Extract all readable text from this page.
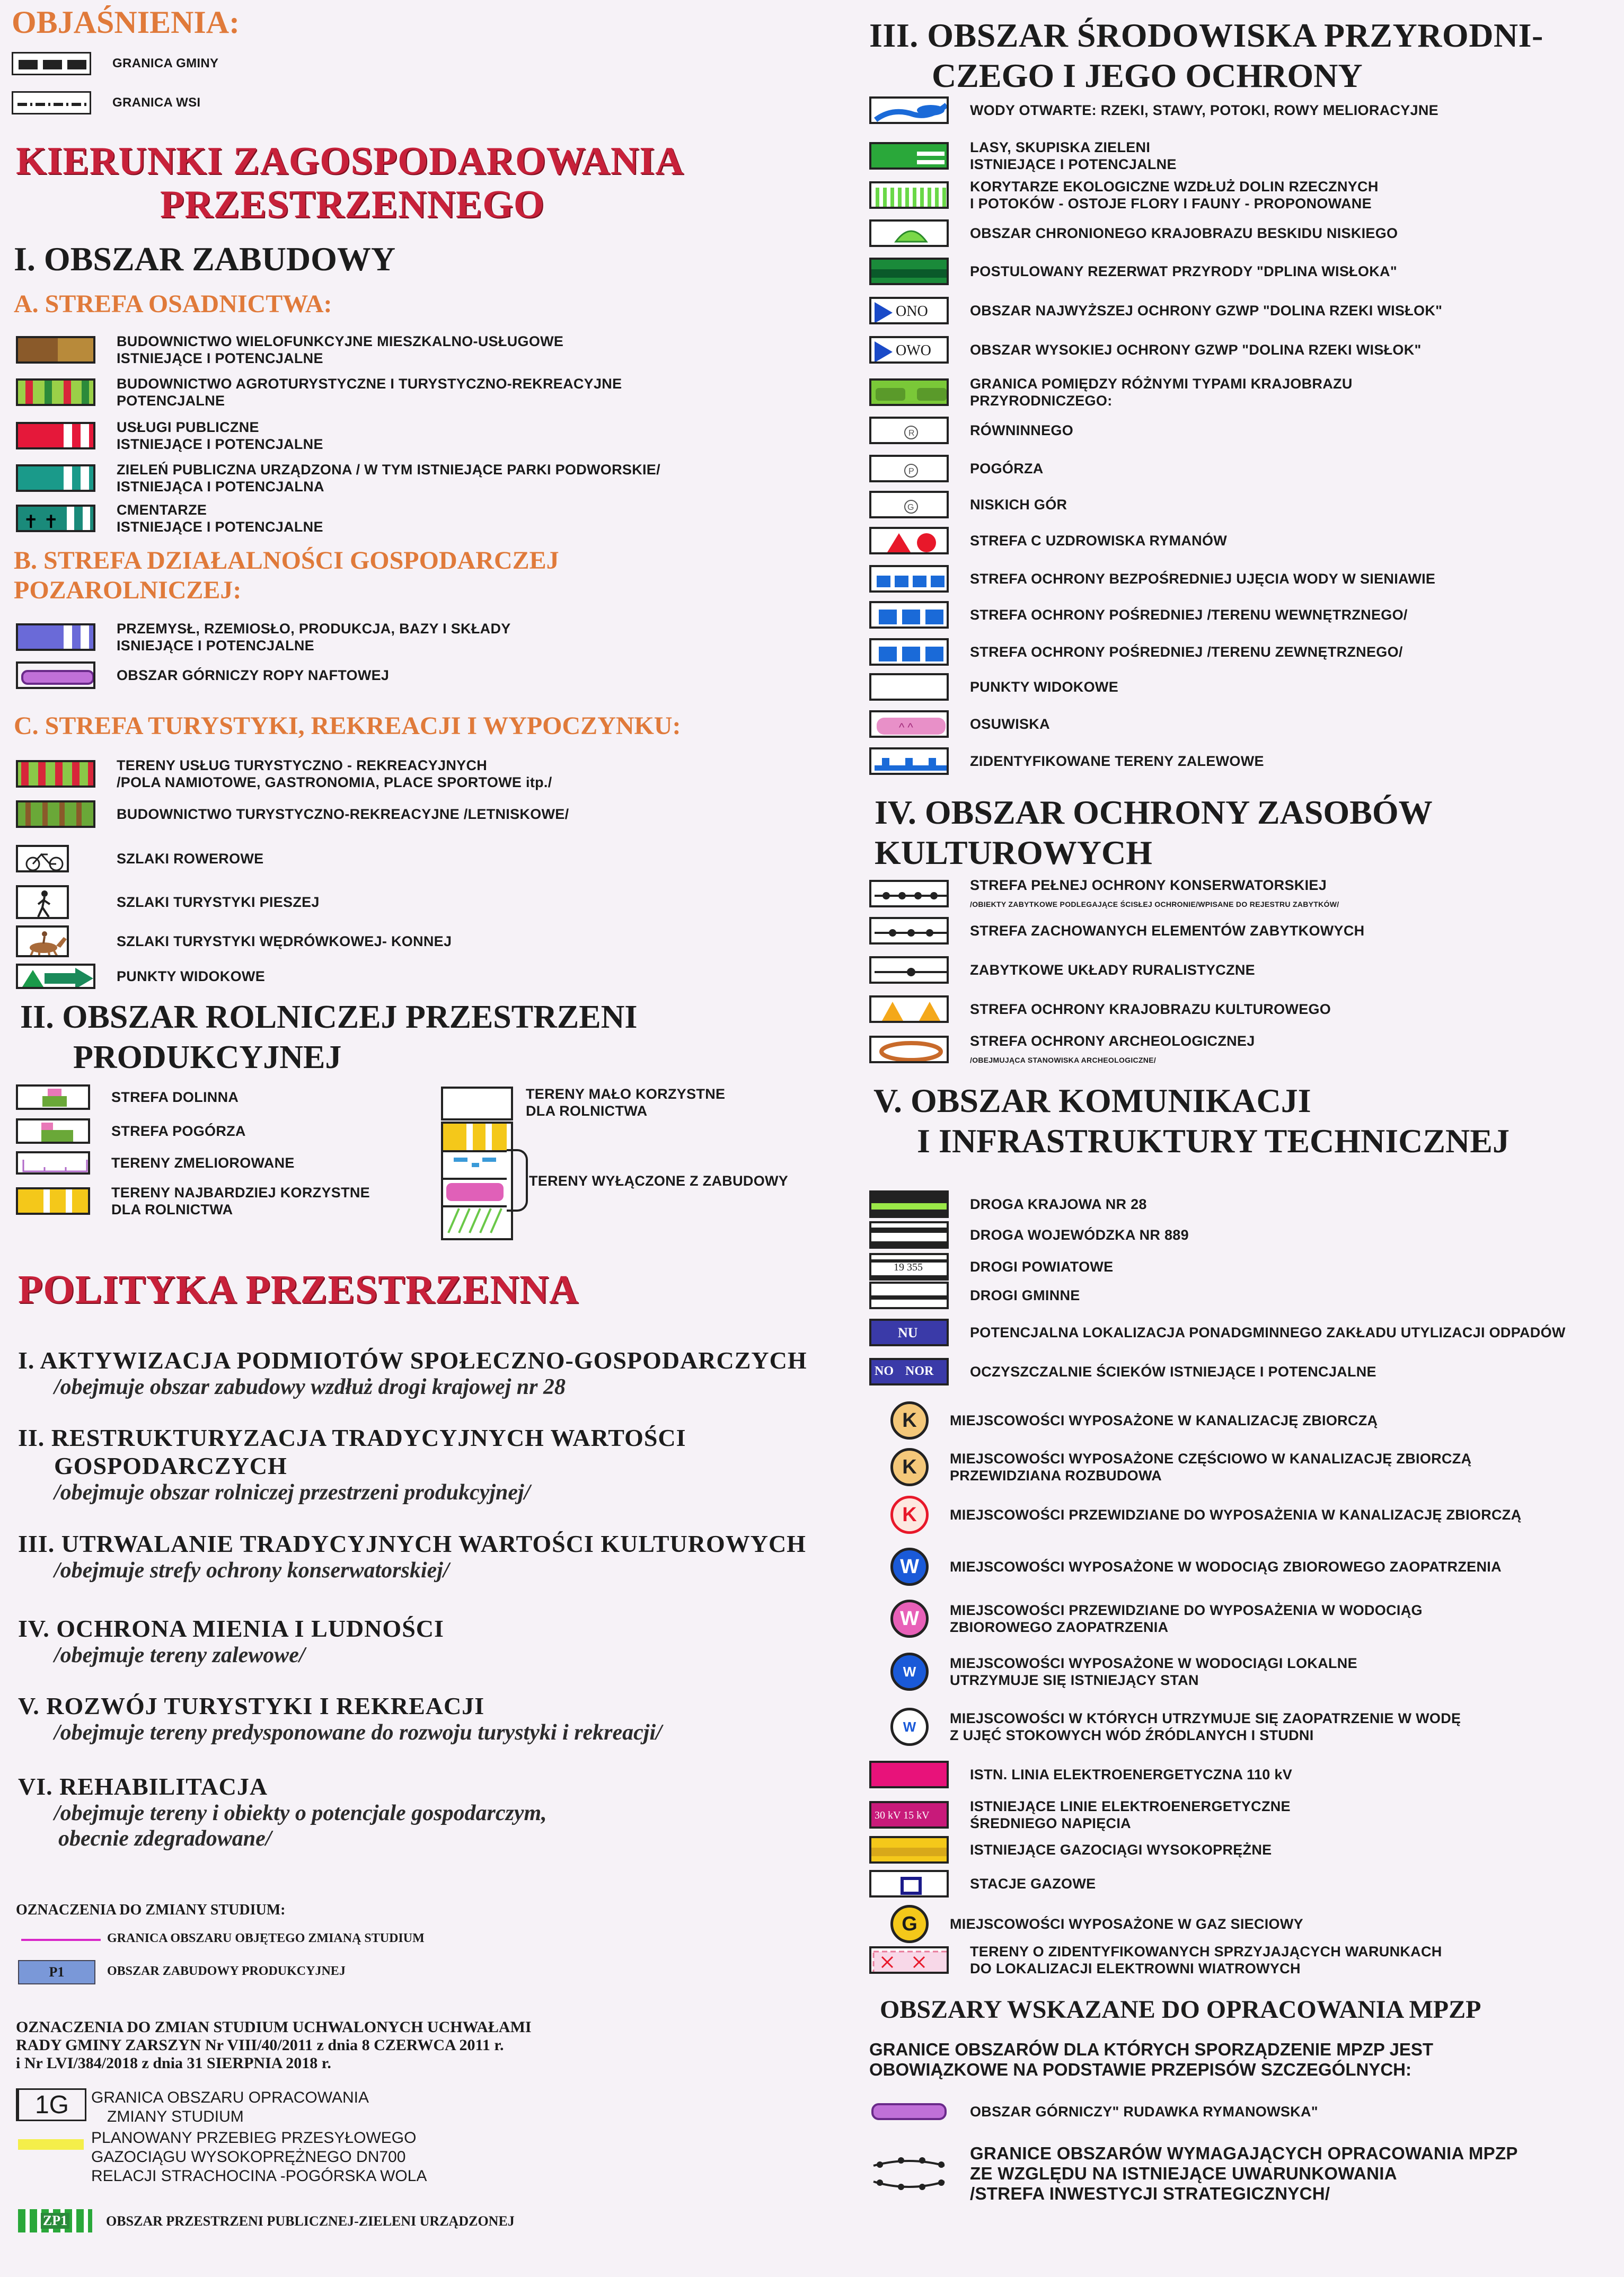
OBJAŚNIENIA:
GRANICA GMINY
GRANICA WSI
KIERUNKI ZAGOSPODAROWANIA
PRZESTRZENNEGO
I. OBSZAR ZABUDOWY
A. STREFA OSADNICTWA:
BUDOWNICTWO WIELOFUNKCYJNE MIESZKALNO-USŁUGOWE
ISTNIEJĄCE I POTENCJALNE
BUDOWNICTWO AGROTURYSTYCZNE I TURYSTYCZNO-REKREACYJNE
POTENCJALNE
USŁUGI PUBLICZNE
ISTNIEJĄCE I POTENCJALNE
ZIELEŃ PUBLICZNA URZĄDZONA / W TYM ISTNIEJĄCE PARKI PODWORSKIE/
ISTNIEJĄCA I POTENCJALNA
✝ ✝
CMENTARZE
ISTNIEJĄCE I POTENCJALNE
B. STREFA DZIAŁALNOŚCI GOSPODARCZEJ
POZAROLNICZEJ:
PRZEMYSŁ, RZEMIOSŁO, PRODUKCJA, BAZY I SKŁADY
ISNIEJĄCE I POTENCJALNE
OBSZAR GÓRNICZY ROPY NAFTOWEJ
C. STREFA TURYSTYKI, REKREACJI I WYPOCZYNKU:
TERENY USŁUG TURYSTYCZNO - REKREACYJNYCH
/POLA NAMIOTOWE, GASTRONOMIA, PLACE SPORTOWE itp./
BUDOWNICTWO TURYSTYCZNO-REKREACYJNE /LETNISKOWE/
SZLAKI ROWEROWE
SZLAKI TURYSTYKI PIESZEJ
SZLAKI TURYSTYKI WĘDRÓWKOWEJ- KONNEJ
PUNKTY WIDOKOWE
II. OBSZAR ROLNICZEJ PRZESTRZENI
PRODUKCYJNEJ
STREFA DOLINNA
STREFA POGÓRZA
TERENY ZMELIOROWANE
TERENY NAJBARDZIEJ KORZYSTNE
DLA ROLNICTWA
TERENY MAŁO KORZYSTNE
DLA ROLNICTWA
TERENY WYŁĄCZONE Z ZABUDOWY
POLITYKA PRZESTRZENNA
I. AKTYWIZACJA PODMIOTÓW SPOŁECZNO-GOSPODARCZYCH
/obejmuje obszar zabudowy wzdłuż drogi krajowej nr 28
II. RESTRUKTURYZACJA TRADYCYJNYCH WARTOŚCI
GOSPODARCZYCH
/obejmuje obszar rolniczej przestrzeni produkcyjnej/
III. UTRWALANIE TRADYCYJNYCH WARTOŚCI KULTUROWYCH
/obejmuje strefy ochrony konserwatorskiej/
IV. OCHRONA MIENIA I LUDNOŚCI
/obejmuje tereny zalewowe/
V. ROZWÓJ TURYSTYKI I REKREACJI
/obejmuje tereny predysponowane do rozwoju turystyki i rekreacji/
VI. REHABILITACJA
/obejmuje tereny i obiekty o potencjale gospodarczym,
obecnie zdegradowane/
OZNACZENIA DO ZMIANY STUDIUM:
GRANICA OBSZARU OBJĘTEGO ZMIANĄ STUDIUM
P1	OBSZAR ZABUDOWY PRODUKCYJNEJ
OZNACZENIA DO ZMIAN STUDIUM UCHWALONYCH UCHWAŁAMI
RADY GMINY ZARSZYN Nr VIII/40/2011 z dnia 8 CZERWCA 2011 r.
i Nr LVI/384/2018 z dnia 31 SIERPNIA 2018 r.
1G	GRANICA OBSZARU OPRACOWANIA
ZMIANY STUDIUM
PLANOWANY PRZEBIEG PRZESYŁOWEGO
GAZOCIĄGU WYSOKOPRĘŻNEGO DN700
RELACJI STRACHOCINA -POGÓRSKA WOLA
ZP1	OBSZAR PRZESTRZENI PUBLICZNEJ-ZIELENI URZĄDZONEJ
III. OBSZAR ŚRODOWISKA PRZYRODNI-
CZEGO I JEGO OCHRONY
WODY OTWARTE: RZEKI, STAWY, POTOKI, ROWY MELIORACYJNE
LASY, SKUPISKA ZIELENI
ISTNIEJĄCE I POTENCJALNE
KORYTARZE EKOLOGICZNE WZDŁUŻ DOLIN RZECZNYCH
I POTOKÓW - OSTOJE FLORY I FAUNY - PROPONOWANE
OBSZAR CHRONIONEGO KRAJOBRAZU BESKIDU NISKIEGO
POSTULOWANY REZERWAT PRZYRODY "DPLINA WISŁOKA"
ONO	OBSZAR NAJWYŻSZEJ OCHRONY GZWP "DOLINA RZEKI WISŁOK"
OWO	OBSZAR WYSOKIEJ OCHRONY GZWP "DOLINA RZEKI WISŁOK"
GRANICA POMIĘDZY RÓŻNYMI TYPAMI KRAJOBRAZU
PRZYRODNICZEGO:
R	RÓWNINNEGO
P	POGÓRZA
G	NISKICH GÓR
STREFA C UZDROWISKA RYMANÓW
STREFA OCHRONY BEZPOŚREDNIEJ UJĘCIA WODY W SIENIAWIE
STREFA OCHRONY POŚREDNIEJ /TERENU WEWNĘTRZNEGO/
STREFA OCHRONY POŚREDNIEJ /TERENU ZEWNĘTRZNEGO/
PUNKTY WIDOKOWE
^ ^	OSUWISKA
ZIDENTYFIKOWANE TERENY ZALEWOWE
IV. OBSZAR OCHRONY ZASOBÓW
KULTUROWYCH
STREFA PEŁNEJ OCHRONY KONSERWATORSKIEJ
/OBIEKTY ZABYTKOWE PODLEGAJĄCE ŚCISŁEJ OCHRONIE/WPISANE DO REJESTRU ZABYTKÓW/
STREFA ZACHOWANYCH ELEMENTÓW ZABYTKOWYCH
ZABYTKOWE UKŁADY RURALISTYCZNE
STREFA OCHRONY KRAJOBRAZU KULTUROWEGO
STREFA OCHRONY ARCHEOLOGICZNEJ
/OBEJMUJĄCA STANOWISKA ARCHEOLOGICZNE/
V. OBSZAR KOMUNIKACJI
I INFRASTRUKTURY TECHNICZNEJ
DROGA KRAJOWA NR 28
DROGA WOJEWÓDZKA NR 889
19 355	DROGI POWIATOWE
DROGI GMINNE
NU	POTENCJALNA LOKALIZACJA PONADGMINNEGO ZAKŁADU UTYLIZACJI ODPADÓW
NO NOR	OCZYSZCZALNIE ŚCIEKÓW ISTNIEJĄCE I POTENCJALNE
K	MIEJSCOWOŚCI WYPOSAŻONE W KANALIZACJĘ ZBIORCZĄ
K	MIEJSCOWOŚCI WYPOSAŻONE CZĘŚCIOWO W KANALIZACJĘ ZBIORCZĄ
PRZEWIDZIANA ROZBUDOWA
K	MIEJSCOWOŚCI PRZEWIDZIANE DO WYPOSAŻENIA W KANALIZACJĘ ZBIORCZĄ
W	MIEJSCOWOŚCI WYPOSAŻONE W WODOCIĄG ZBIOROWEGO ZAOPATRZENIA
W	MIEJSCOWOŚCI PRZEWIDZIANE DO WYPOSAŻENIA W WODOCIĄG
ZBIOROWEGO ZAOPATRZENIA
W
MIEJSCOWOŚCI WYPOSAŻONE W WODOCIĄGI LOKALNE
UTRZYMUJE SIĘ ISTNIEJĄCY STAN
W
MIEJSCOWOŚCI W KTÓRYCH UTRZYMUJE SIĘ ZAOPATRZENIE W WODĘ
Z UJĘĆ STOKOWYCH WÓD ŹRÓDLANYCH I STUDNI
ISTN. LINIA ELEKTROENERGETYCZNA 110 kV
30 kV 15 kV
ISTNIEJĄCE LINIE ELEKTROENERGETYCZNE
ŚREDNIEGO NAPIĘCIA
ISTNIEJĄCE GAZOCIĄGI WYSOKOPRĘŻNE
STACJE GAZOWE
G	MIEJSCOWOŚCI WYPOSAŻONE W GAZ SIECIOWY
TERENY O ZIDENTYFIKOWANYCH SPRZYJAJĄCYCH WARUNKACH
DO LOKALIZACJI ELEKTROWNI WIATROWYCH
OBSZARY WSKAZANE DO OPRACOWANIA MPZP
GRANICE OBSZARÓW DLA KTÓRYCH SPORZĄDZENIE MPZP JEST
OBOWIĄZKOWE NA PODSTAWIE PRZEPISÓW SZCZEGÓLNYCH:
OBSZAR GÓRNICZY" RUDAWKA RYMANOWSKA"
GRANICE OBSZARÓW WYMAGAJĄCYCH OPRACOWANIA MPZP
ZE WZGLĘDU NA ISTNIEJĄCE UWARUNKOWANIA
/STREFA INWESTYCJI STRATEGICZNYCH/
